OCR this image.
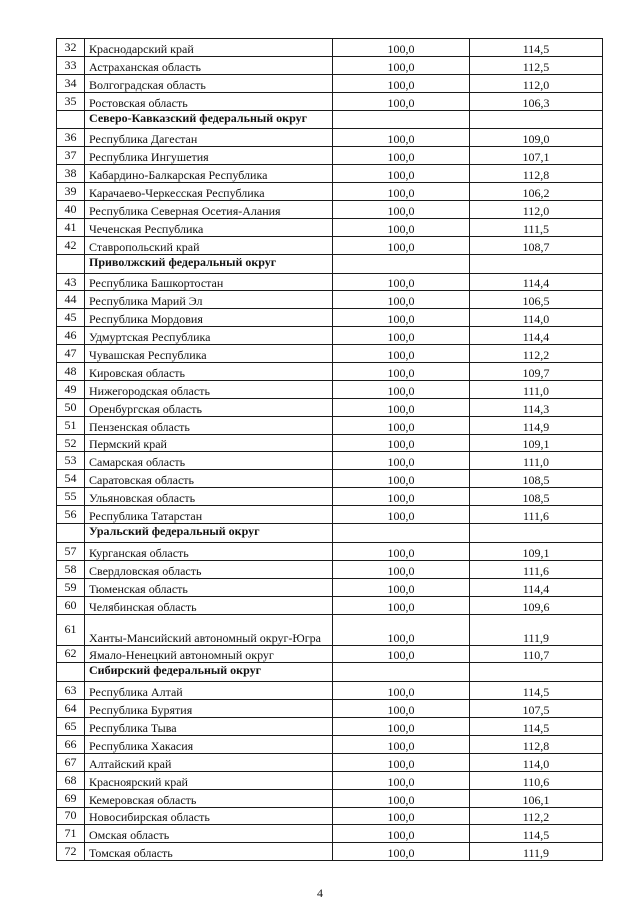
32	Краснодарский край	100,0	114,5
33	Астраханская область	100,0	112,5
34	Волгоградская область	100,0	112,0
35	Ростовская область	100,0	106,3
	Северо-Кавказский федеральный округ		
36	Республика Дагестан	100,0	109,0
37	Республика Ингушетия	100,0	107,1
38	Кабардино-Балкарская Республика	100,0	112,8
39	Карачаево-Черкесская Республика	100,0	106,2
40	Республика Северная Осетия-Алания	100,0	112,0
41	Чеченская Республика	100,0	111,5
42	Ставропольский край	100,0	108,7
	Приволжский федеральный округ		
43	Республика Башкортостан	100,0	114,4
44	Республика Марий Эл	100,0	106,5
45	Республика Мордовия	100,0	114,0
46	Удмуртская Республика	100,0	114,4
47	Чувашская Республика	100,0	112,2
48	Кировская область	100,0	109,7
49	Нижегородская область	100,0	111,0
50	Оренбургская область	100,0	114,3
51	Пензенская область	100,0	114,9
52	Пермский край	100,0	109,1
53	Самарская область	100,0	111,0
54	Саратовская область	100,0	108,5
55	Ульяновская область	100,0	108,5
56	Республика Татарстан	100,0	111,6
	Уральский федеральный округ		
57	Курганская область	100,0	109,1
58	Свердловская область	100,0	111,6
59	Тюменская область	100,0	114,4
60	Челябинская область	100,0	109,6
61	Ханты-Мансийский автономный округ-Югра	100,0	111,9
62	Ямало-Ненецкий автономный округ	100,0	110,7
	Сибирский федеральный округ		
63	Республика Алтай	100,0	114,5
64	Республика Бурятия	100,0	107,5
65	Республика Тыва	100,0	114,5
66	Республика Хакасия	100,0	112,8
67	Алтайский край	100,0	114,0
68	Красноярский край	100,0	110,6
69	Кемеровская область	100,0	106,1
70	Новосибирская область	100,0	112,2
71	Омская область	100,0	114,5
72	Томская область	100,0	111,9
4
